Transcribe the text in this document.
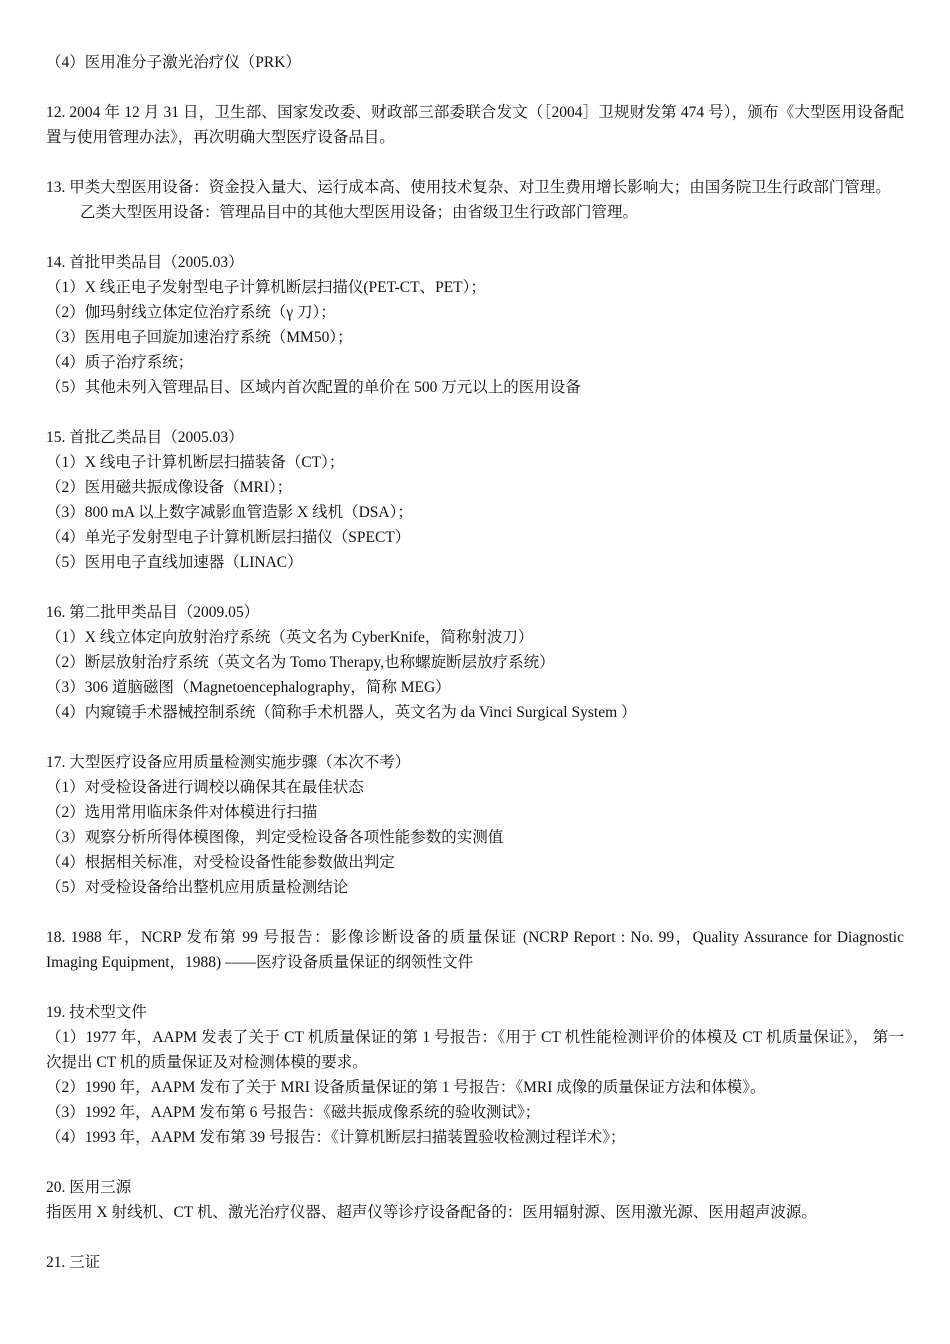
（4）医用准分子激光治疗仪（PRK）
12. 2004 年 12 月 31 日，卫生部、国家发改委、财政部三部委联合发文（［2004］卫规财发第 474 号），颁布《大型医用设备配置与使用管理办法》，再次明确大型医疗设备品目。
13. 甲类大型医用设备：资金投入量大、运行成本高、使用技术复杂、对卫生费用增长影响大；由国务院卫生行政部门管理。
乙类大型医用设备：管理品目中的其他大型医用设备；由省级卫生行政部门管理。
14. 首批甲类品目（2005.03）
（1）X 线正电子发射型电子计算机断层扫描仪(PET-CT、PET）；
（2）伽玛射线立体定位治疗系统（γ 刀）；
（3）医用电子回旋加速治疗系统（MM50）；
（4）质子治疗系统；
（5）其他未列入管理品目、区域内首次配置的单价在 500 万元以上的医用设备
15. 首批乙类品目（2005.03）
（1）X 线电子计算机断层扫描装备（CT）；
（2）医用磁共振成像设备（MRI）；
（3）800 mA 以上数字减影血管造影 X 线机（DSA）；
（4）单光子发射型电子计算机断层扫描仪（SPECT）
（5）医用电子直线加速器（LINAC）
16. 第二批甲类品目（2009.05）
（1）X 线立体定向放射治疗系统（英文名为 CyberKnife，简称射波刀）
（2）断层放射治疗系统（英文名为 Tomo Therapy,也称螺旋断层放疗系统）
（3）306 道脑磁图（Magnetoencephalography，简称 MEG）
（4）内窥镜手术器械控制系统（简称手术机器人，英文名为 da Vinci Surgical System ）
17. 大型医疗设备应用质量检测实施步骤（本次不考）
（1）对受检设备进行调校以确保其在最佳状态
（2）选用常用临床条件对体模进行扫描
（3）观察分析所得体模图像，判定受检设备各项性能参数的实测值
（4）根据相关标准，对受检设备性能参数做出判定
（5）对受检设备给出整机应用质量检测结论
18. 1988 年，NCRP 发布第 99 号报告：影像诊断设备的质量保证 (NCRP Report : No. 99，Quality Assurance for Diagnostic Imaging Equipment，1988) ——医疗设备质量保证的纲领性文件
19. 技术型文件
（1）1977 年，AAPM 发表了关于 CT 机质量保证的第 1 号报告：《用于 CT 机性能检测评价的体模及 CT 机质量保证》， 第一次提出 CT 机的质量保证及对检测体模的要求。
（2）1990 年，AAPM 发布了关于 MRI 设备质量保证的第 1 号报告：《MRI 成像的质量保证方法和体模》。
（3）1992 年，AAPM 发布第 6 号报告：《磁共振成像系统的验收测试》；
（4）1993 年，AAPM 发布第 39 号报告：《计算机断层扫描装置验收检测过程详术》；
20. 医用三源
指医用 X 射线机、CT 机、激光治疗仪器、超声仪等诊疗设备配备的：医用辐射源、医用激光源、医用超声波源。
21. 三证
